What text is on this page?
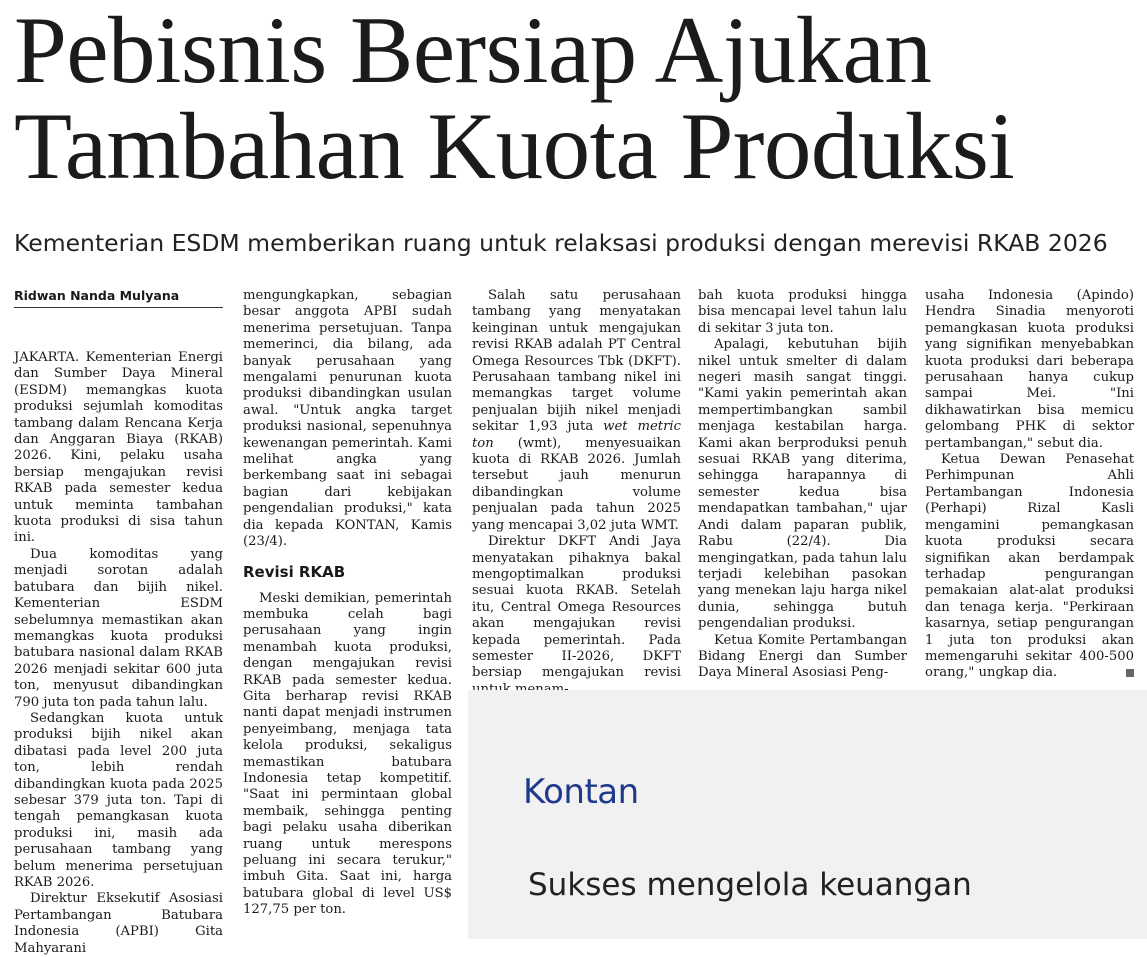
Pebisnis Bersiap Ajukan
Tambahan Kuota Produksi

Kementerian ESDM memberikan ruang untuk relaksasi produksi dengan merevisi RKAB 2026

Ridwan Nanda Mulyana

JAKARTA. Kementerian Energi dan Sumber Daya Mineral (ESDM) memangkas kuota produksi sejumlah komoditas tambang dalam Rencana Kerja dan Anggaran Biaya (RKAB) 2026. Kini, pelaku usaha bersiap mengajukan revisi RKAB pada semester kedua untuk meminta tambahan kuota produksi di sisa tahun ini.

Dua komoditas yang menjadi sorotan adalah batubara dan bijih nikel. Kementerian ESDM sebelumnya memastikan akan memangkas kuota produksi batubara nasional dalam RKAB 2026 menjadi sekitar 600 juta ton, menyusut dibandingkan 790 juta ton pada tahun lalu.

Sedangkan kuota untuk produksi bijih nikel akan dibatasi pada level 200 juta ton, lebih rendah dibandingkan kuota pada 2025 sebesar 379 juta ton. Tapi di tengah pemangkasan kuota produksi ini, masih ada perusahaan tambang yang belum menerima persetujuan RKAB 2026.

Direktur Eksekutif Asosiasi Pertambangan Batubara Indonesia (APBI) Gita Mahyarani

mengungkapkan, sebagian besar anggota APBI sudah menerima persetujuan. Tanpa memerinci, dia bilang, ada banyak perusahaan yang mengalami penurunan kuota produksi dibandingkan usulan awal. "Untuk angka target produksi nasional, sepenuhnya kewenangan pemerintah. Kami melihat angka yang berkembang saat ini sebagai bagian dari kebijakan pengendalian produksi," kata dia kepada KONTAN, Kamis (23/4).

Revisi RKAB

Meski demikian, pemerintah membuka celah bagi perusahaan yang ingin menambah kuota produksi, dengan mengajukan revisi RKAB pada semester kedua. Gita berharap revisi RKAB nanti dapat menjadi instrumen penyeimbang, menjaga tata kelola produksi, sekaligus memastikan batubara Indonesia tetap kompetitif. "Saat ini permintaan global membaik, sehingga penting bagi pelaku usaha diberikan ruang untuk merespons peluang ini secara terukur," imbuh Gita. Saat ini, harga batubara global di level US$ 127,75 per ton.

Salah satu perusahaan tambang yang menyatakan keinginan untuk mengajukan revisi RKAB adalah PT Central Omega Resources Tbk (DKFT). Perusahaan tambang nikel ini memangkas target volume penjualan bijih nikel menjadi sekitar 1,93 juta wet metric ton (wmt), menyesuaikan kuota di RKAB 2026. Jumlah tersebut jauh menurun dibandingkan volume penjualan pada tahun 2025 yang mencapai 3,02 juta WMT.

Direktur DKFT Andi Jaya menyatakan pihaknya bakal mengoptimalkan produksi sesuai kuota RKAB. Setelah itu, Central Omega Resources akan mengajukan revisi kepada pemerintah. Pada semester II-2026, DKFT bersiap mengajukan revisi

bah kuota produksi hingga bisa mencapai level tahun lalu di sekitar 3 juta ton.

Apalagi, kebutuhan bijih nikel untuk smelter di dalam negeri masih sangat tinggi. "Kami yakin pemerintah akan mempertimbangkan sambil menjaga kestabilan harga. Kami akan berproduksi penuh sesuai RKAB yang diterima, sehingga harapannya di semester kedua bisa mendapatkan tambahan," ujar Andi dalam paparan publik, Rabu (22/4). Dia mengingatkan, pada tahun lalu terjadi kelebihan pasokan yang menekan laju harga nikel dunia, sehingga butuh pengendalian produksi.

Ketua Komite Pertambangan Bidang Energi dan Sumber Daya Mineral Asosiasi Peng-

usaha Indonesia (Apindo) Hendra Sinadia menyoroti pemangkasan kuota produksi yang signifikan menyebabkan kuota produksi dari beberapa perusahaan hanya cukup sampai Mei. "Ini dikhawatirkan bisa memicu gelombang PHK di sektor pertambangan," sebut dia.

Ketua Dewan Penasehat Perhimpunan Ahli Pertambangan Indonesia (Perhapi) Rizal Kasli mengamini pemangkasan kuota produksi secara signifikan akan berdampak terhadap pengurangan pemakaian alat-alat produksi dan tenaga kerja. "Perkiraan kasarnya, setiap pengurangan 1 juta ton produksi akan memengaruhi sekitar 400-500 orang," ungkap dia.

Kontan
Sukses mengelola keuangan
